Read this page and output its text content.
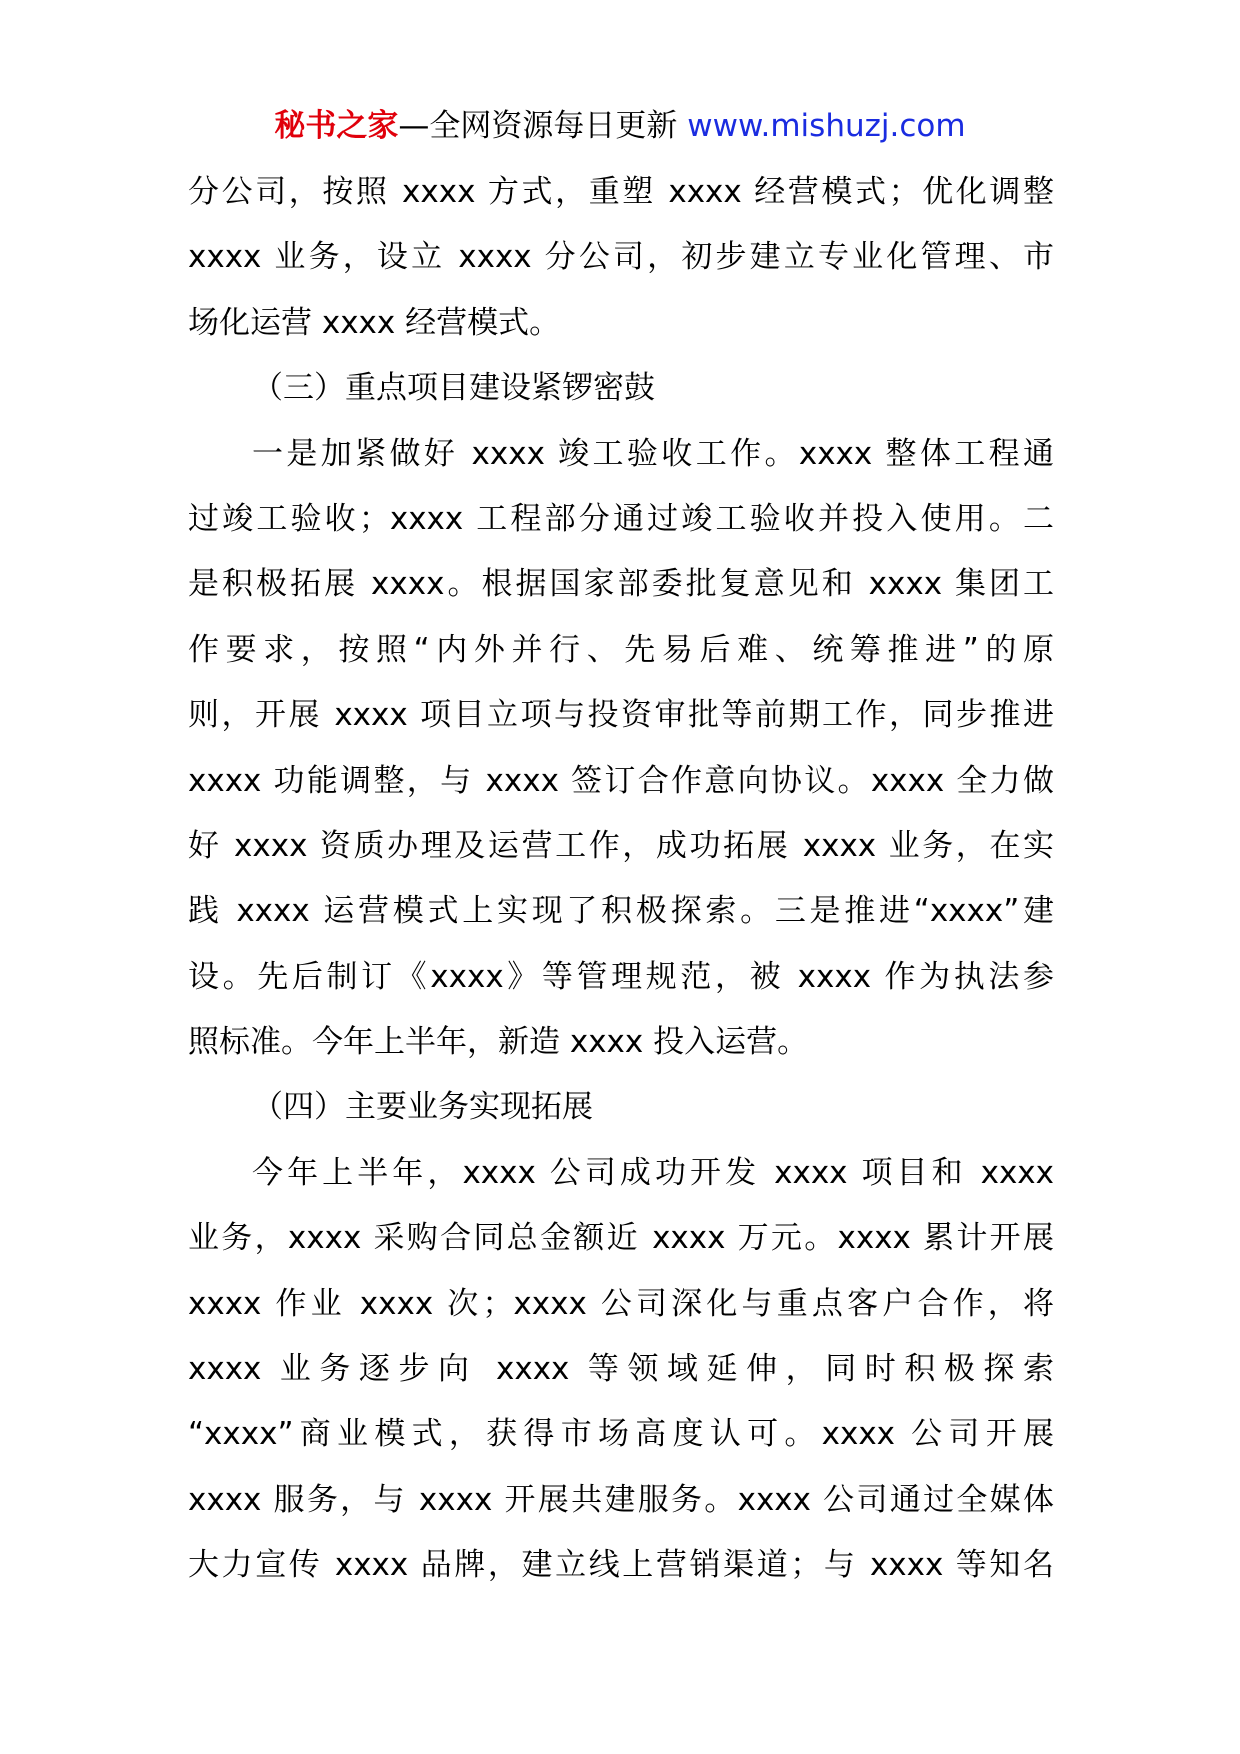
秘书之家—全网资源每日更新 www.mishuzj.com
分公司，按照 xxxx 方式，重塑 xxxx 经营模式；优化调整
xxxx 业务，设立 xxxx 分公司，初步建立专业化管理、市
场化运营 xxxx 经营模式。
（三）重点项目建设紧锣密鼓
一是加紧做好 xxxx 竣工验收工作。xxxx 整体工程通
过竣工验收；xxxx 工程部分通过竣工验收并投入使用。二
是积极拓展 xxxx。根据国家部委批复意见和 xxxx 集团工
作要求，按照“内外并行、先易后难、统筹推进”的原
则，开展 xxxx 项目立项与投资审批等前期工作，同步推进
xxxx 功能调整，与 xxxx 签订合作意向协议。xxxx 全力做
好 xxxx 资质办理及运营工作，成功拓展 xxxx 业务，在实
践 xxxx 运营模式上实现了积极探索。三是推进“xxxx”建
设。先后制订《xxxx》等管理规范，被 xxxx 作为执法参
照标准。今年上半年，新造 xxxx 投入运营。
（四）主要业务实现拓展
今年上半年，xxxx 公司成功开发 xxxx 项目和 xxxx
业务，xxxx 采购合同总金额近 xxxx 万元。xxxx 累计开展
xxxx 作业 xxxx 次；xxxx 公司深化与重点客户合作，将
xxxx 业务逐步向 xxxx 等领域延伸，同时积极探索
“xxxx”商业模式，获得市场高度认可。xxxx 公司开展
xxxx 服务，与 xxxx 开展共建服务。xxxx 公司通过全媒体
大力宣传 xxxx 品牌，建立线上营销渠道；与 xxxx 等知名
